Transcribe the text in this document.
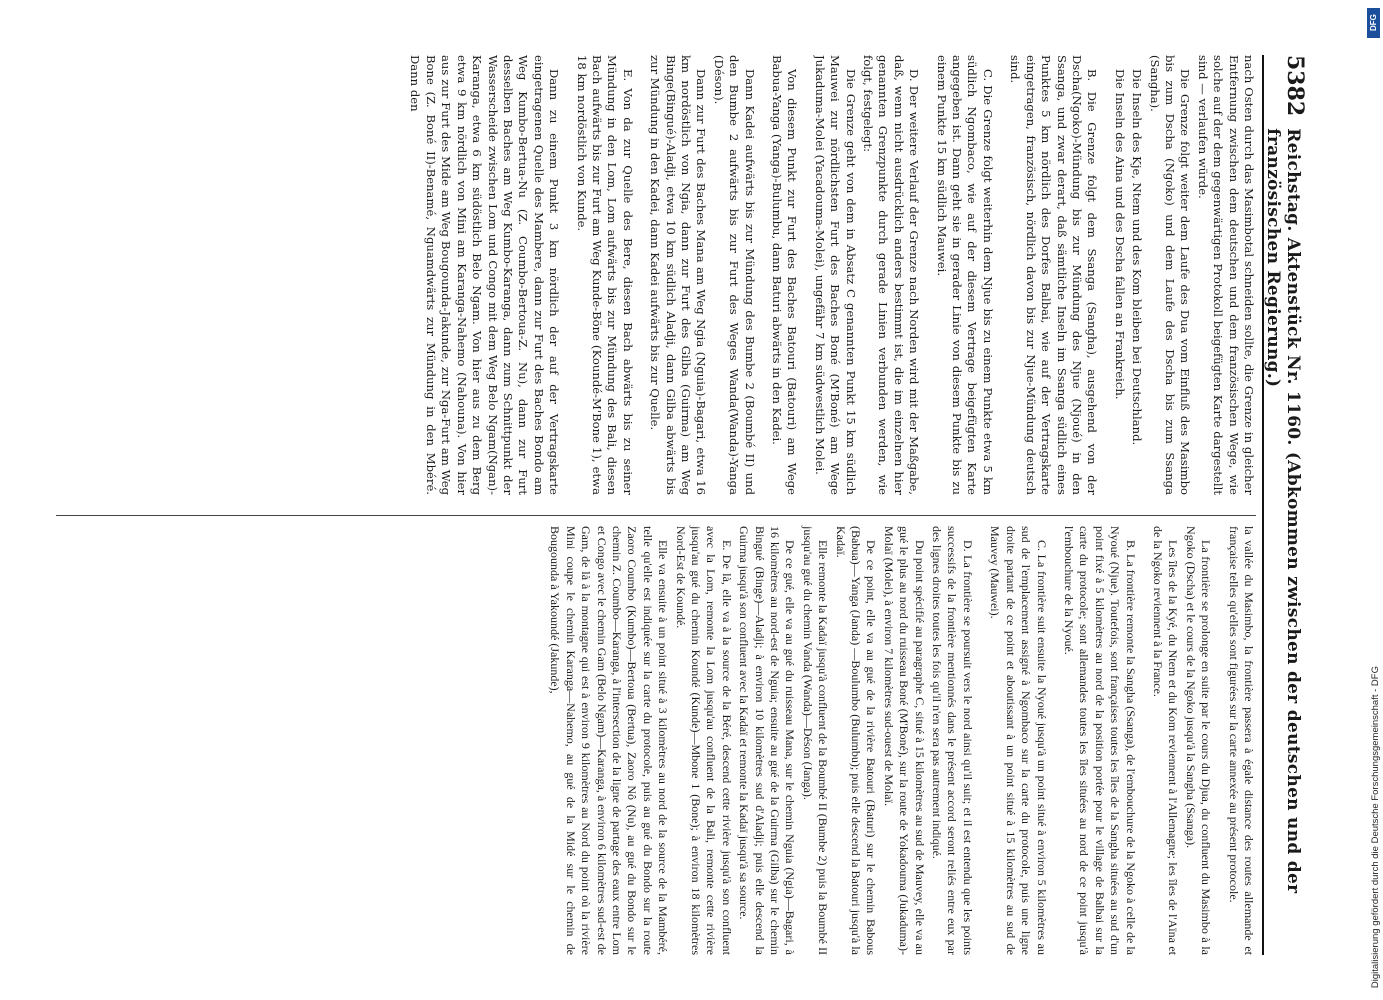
5382
Reichstag. Aktenstück Nr. 1160. (Abkommen zwischen der deutschen und der französischen Regierung.)

nach Osten durch das Masimbotal schneiden sollte, die Grenze in gleicher Entfernung zwischen dem deutschen und dem französischen Wege, wie solche auf der dem gegenwärtigen Protokoll beigefügten Karte dargestellt sind — verlaufen würde.

Die Grenze folgt weiter dem Laufe des Dua vom Einfluß des Masimbo bis zum Dscha (Ngoko) und dem Laufe des Dscha bis zum Ssanga (Sangha).

Die Inseln des Kje, Ntem und des Kom bleiben bei Deutschland.

Die Inseln des Aina und des Dscha fallen an Frankreich.

B. Die Grenze folgt dem Ssanga (Sangha), ausgehend von der Dscha(Ngoko)-Mündung bis zur Mündung des Njue (Njoué) in den Ssanga, und zwar derart, daß sämtliche Inseln im Ssanga südlich eines Punktes 5 km nördlich des Dorfes Balbai, wie auf der Vertragskarte eingetragen, französisch, nördlich davon bis zur Njue-Mündung deutsch sind.

C. Die Grenze folgt weiterhin dem Njue bis zu einem Punkte etwa 5 km südlich Ngombaco, wie auf der diesem Vertrage beigefügten Karte angegeben ist. Dann geht sie in gerader Linie von diesem Punkte bis zu einem Punkte 15 km südlich Mauwei.

D. Der weitere Verlauf der Grenze nach Norden wird mit der Maßgabe, daß, wenn nicht ausdrücklich anders bestimmt ist, die im einzelnen hier genannten Grenzpunkte durch gerade Linien verbunden werden, wie folgt, festgelegt:

Die Grenze geht von dem in Absatz C genannten Punkt 15 km südlich Mauwei zur nördlichsten Furt des Baches Boné (M'Boné) am Wege Jukaduma-Molei (Yacadouma-Molei), ungefähr 7 km südwestlich Molei.

Von diesem Punkt zur Furt des Baches Batouri (Batouri) am Wege Babua-Yanga (Yanga)-Bulumbu, dann Baturi abwärts in den Kadei.

Dann Kadei aufwärts bis zur Mündung des Bumbe 2 (Boumbé II) und den Bumbe 2 aufwärts bis zur Furt des Weges Wanda(Wanda)-Yanga (Déson).

Dann zur Furt des Baches Mana am Weg Ngia (Nguia)-Bagari, etwa 16 km nordöstlich von Ngia, dann zur Furt des Gilba (Guirma) am Weg Binge(Bingué)-Aladji, etwa 10 km südlich Aladji, dann Gilba abwärts bis zur Mündung in den Kadei, dann Kadei aufwärts bis zur Quelle.

E. Von da zur Quelle des Bere, diesen Bach abwärts bis zu seiner Mündung in den Lom, Lom aufwärts bis zur Mündung des Bali, diesen Bach aufwärts bis zur Furt am Weg Kunde-Böne (Koundé-M'Bone 1), etwa 18 km nordöstlich von Kunde.

Dann zu einem Punkt 3 km nördlich der auf der Vertragskarte eingetragenen Quelle des Mambere, dann zur Furt des Baches Bondo am Weg Kumbo-Bertua-Nu (Z. Coumbo-Bertoua-Z. Nu), dann zur Furt desselben Baches am Weg Kumbo-Karanga, dann zum Schnittpunkt der Wasserscheide zwischen Lom und Congo mit dem Weg Belo Ngam(Ngan)-Karanga, etwa 6 km südöstlich Belo Ngam. Von hier aus zu dem Berg etwa 9 km nördlich von Mini am Karanga-Nahemo (Nahouna). Von hier aus zur Furt des Mide am Weg Bougounda-Jakunde, zur Nga-Furt am Weg Bone (Z. Boné II)-Benamé, Nguamdwärts zur Mündung in den Mbéré. Dann den

la vallée du Masimbo, la frontière passera à égale distance des routes allemande et française telles qu'elles sont figurées sur la carte annexée au présent protocole.

La frontière se prolonge en suite par le cours du Djua, du confluent du Masimbo à la Ngoko (Dscha) et le cours de la Ngoko jusqu'à la Sangha (Ssanga).

Les îles de la Kyé, du Ntem et du Kom reviennent à l'Allemagne; les îles de l'Aïna et de la Ngoko reviennent à la France.

B. La frontière remonte la Sangha (Ssanga), de l'embouchure de la Ngoko à celle de la Nyoué (Njue). Toutefois, sont françaises toutes les îles de la Sangha situées au sud d'un point fixé à 5 kilomètres au nord de la position portée pour le village de Balbai sur la carte du protocole; sont allemandes toutes les îles situées au nord de ce point jusqu'à l'embouchure de la Nyoué.

C. La frontière suit ensuite la Nyoué jusqu'à un point situé à environ 5 kilomètres au sud de l'emplacement assigné à Ngombaco sur la carte du protocole, puis une ligne droite partant de ce point et aboutissant à un point situé à 15 kilomètres au sud de Mauvey (Mauwei).

D. La frontière se poursuit vers le nord ainsi qu'il suit; et il est entendu que les points successifs de la frontière mentionnés dans le présent accord seront reliés entre eux par des lignes droites toutes les fois qu'il n'en sera pas autrement indiqué.

Du point spécifié au paragraphe C, situé à 15 kilomètres au sud de Mauvey, elle va au gué le plus au nord du ruisseau Boné (M'Boné), sur la route de Yokadouma (Jukaduma)-Molaï (Molei), à environ 7 kilomètres sud-ouest de Molaï.

De ce point, elle va au gué de la rivière Batouri (Baturi) sur le chemin Babous (Babua)—Yanga (Janda) —Boulumbo (Bulumbu); puis elle descend la Batouri jusqu'à la Kadaï.

Elle remonte la Kadaï jusqu'à confluent de la Boumbé II (Bumbe 2) puis la Boumbé II jusqu'au gué du chemin Vanda (Wanda)—Déson (Janga).

De ce gué, elle va au gué du ruisseau Mana, sur le chemin Nguia (Ngia)—Bagari, à 16 kilomètres au nord-est de Nguia; ensuite au gué de la Guirma (Gilba) sur le chemin Bingué (Binge)—Aladji; à environ 10 kilomètres sud d'Aladji; puis elle descend la Guirma jusqu'à son confluent avec la Kadaï et remonte la Kadaï jusqu'à sa source.

E. De là, elle va à la source de la Béré, descend cette rivière jusqu'à son confluent avec la Lom, remonte la Lom jusqu'au confluent de la Bali, remonte cette rivière jusqu'au gué du chemin Koundé (Kunde)—Mbone 1 (Bone); à environ 18 kilomètres Nord-Est de Koundé.

Elle va ensuite à un point situé à 3 kilomètres au nord de la source de la Mambéré, telle qu'elle est indiquée sur la carte du protocole, puis au gué du Bondo sur la route Zaoro Coumbo (Kumbo)—Bertoua (Bertua), Zaoro Nô (Nu), au gué du Bondo sur le chemin Z. Coumbo—Karanga, à l'intersection de la ligne de partage des eaux entre Lom et Congo avec le chemin Gam (Belo Ngam)—Karanga, à environ 6 kilomètres sud-est de Gam, de là à la montagne qui est à environ 9 kilomètres au Nord du point où la rivière Mini coupe le chemin Karanga—Nahemo, au gué de la Midé sur le chemin de Bougounda à Yakoundé (Jakunde),

DFG
Digitalisierung gefördert durch die Deutsche Forschungsgemeinschaft - DFG
